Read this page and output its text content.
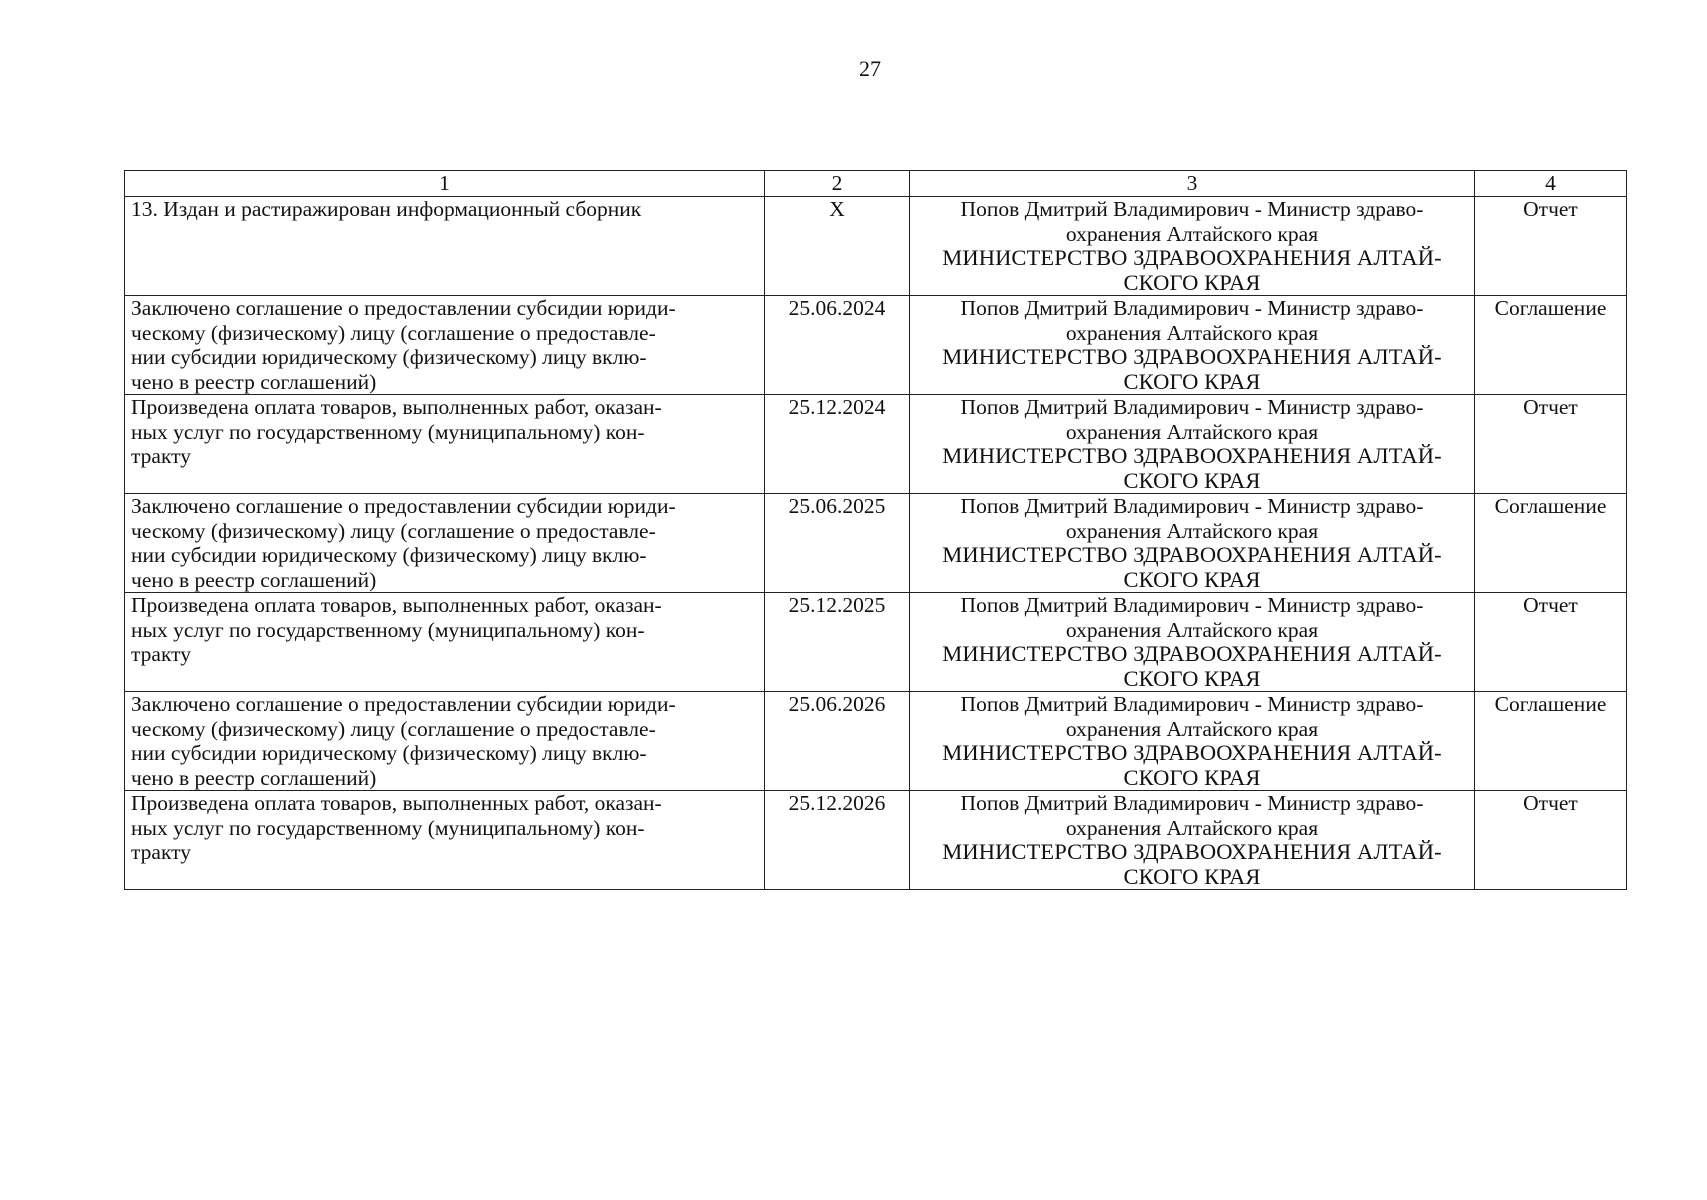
27
1	2	3	4

13. Издан и растиражирован информационный сборник	X	Попов Дмитрий Владимирович - Министр здраво-
охранения Алтайского края
МИНИСТЕРСТВО ЗДРАВООХРАНЕНИЯ АЛТАЙ-
СКОГО КРАЯ	Отчет

Заключено соглашение о предоставлении субсидии юриди-
ческому (физическому) лицу (соглашение о предоставле-
нии субсидии юридическому (физическому) лицу вклю-
чено в реестр соглашений)	25.06.2024	Попов Дмитрий Владимирович - Министр здраво-
охранения Алтайского края
МИНИСТЕРСТВО ЗДРАВООХРАНЕНИЯ АЛТАЙ-
СКОГО КРАЯ	Соглашение

Произведена оплата товаров, выполненных работ, оказан-
ных услуг по государственному (муниципальному) кон-
тракту	25.12.2024	Попов Дмитрий Владимирович - Министр здраво-
охранения Алтайского края
МИНИСТЕРСТВО ЗДРАВООХРАНЕНИЯ АЛТАЙ-
СКОГО КРАЯ	Отчет

Заключено соглашение о предоставлении субсидии юриди-
ческому (физическому) лицу (соглашение о предоставле-
нии субсидии юридическому (физическому) лицу вклю-
чено в реестр соглашений)	25.06.2025	Попов Дмитрий Владимирович - Министр здраво-
охранения Алтайского края
МИНИСТЕРСТВО ЗДРАВООХРАНЕНИЯ АЛТАЙ-
СКОГО КРАЯ	Соглашение

Произведена оплата товаров, выполненных работ, оказан-
ных услуг по государственному (муниципальному) кон-
тракту	25.12.2025	Попов Дмитрий Владимирович - Министр здраво-
охранения Алтайского края
МИНИСТЕРСТВО ЗДРАВООХРАНЕНИЯ АЛТАЙ-
СКОГО КРАЯ	Отчет

Заключено соглашение о предоставлении субсидии юриди-
ческому (физическому) лицу (соглашение о предоставле-
нии субсидии юридическому (физическому) лицу вклю-
чено в реестр соглашений)	25.06.2026	Попов Дмитрий Владимирович - Министр здраво-
охранения Алтайского края
МИНИСТЕРСТВО ЗДРАВООХРАНЕНИЯ АЛТАЙ-
СКОГО КРАЯ	Соглашение

Произведена оплата товаров, выполненных работ, оказан-
ных услуг по государственному (муниципальному) кон-
тракту	25.12.2026	Попов Дмитрий Владимирович - Министр здраво-
охранения Алтайского края
МИНИСТЕРСТВО ЗДРАВООХРАНЕНИЯ АЛТАЙ-
СКОГО КРАЯ	Отчет
